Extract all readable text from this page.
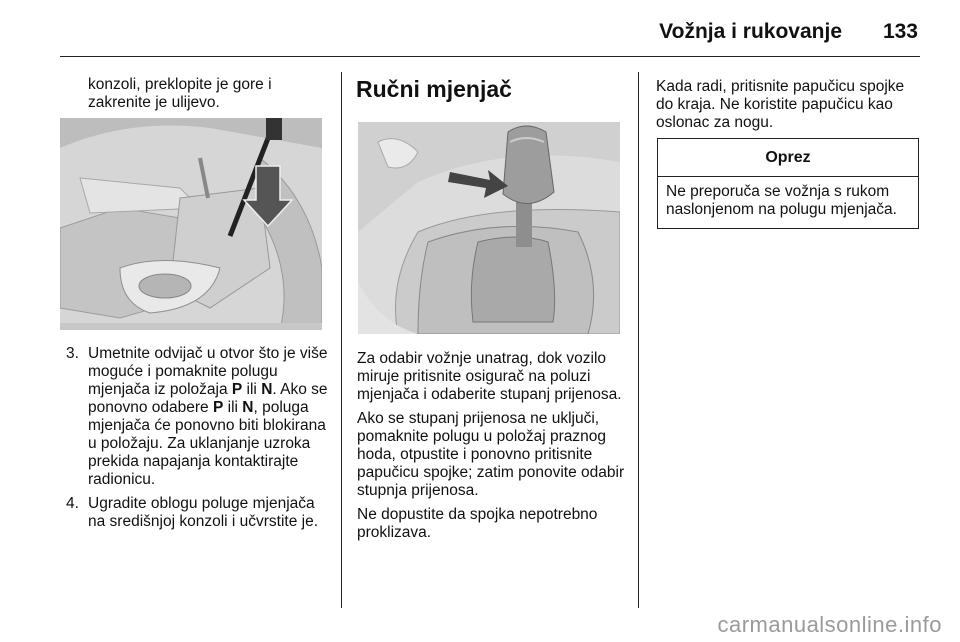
Vožnja i rukovanje 133
konzoli, preklopite je gore i zakrenite je ulijevo.
3. Umetnite odvijač u otvor što je više moguće i pomaknite polugu mjenjača iz položaja P ili N. Ako se ponovno odabere P ili N, poluga mjenjača će ponovno biti blokirana u položaju. Za uklanjanje uzroka prekida napajanja kontaktirajte radionicu.
4. Ugradite oblogu poluge mjenjača na središnjoj konzoli i učvrstite je.
Ručni mjenjač

Za odabir vožnje unatrag, dok vozilo miruje pritisnite osigurač na poluzi mjenjača i odaberite stupanj prijenosa.

Ako se stupanj prijenosa ne uključi, pomaknite polugu u položaj praznog hoda, otpustite i ponovno pritisnite papučicu spojke; zatim ponovite odabir stupnja prijenosa.

Ne dopustite da spojka nepotrebno proklizava.

Kada radi, pritisnite papučicu spojke do kraja. Ne koristite papučicu kao oslonac za nogu.
Oprez
Ne preporuča se vožnja s rukom naslonjenom na polugu mjenjača.
carmanualsonline.info
